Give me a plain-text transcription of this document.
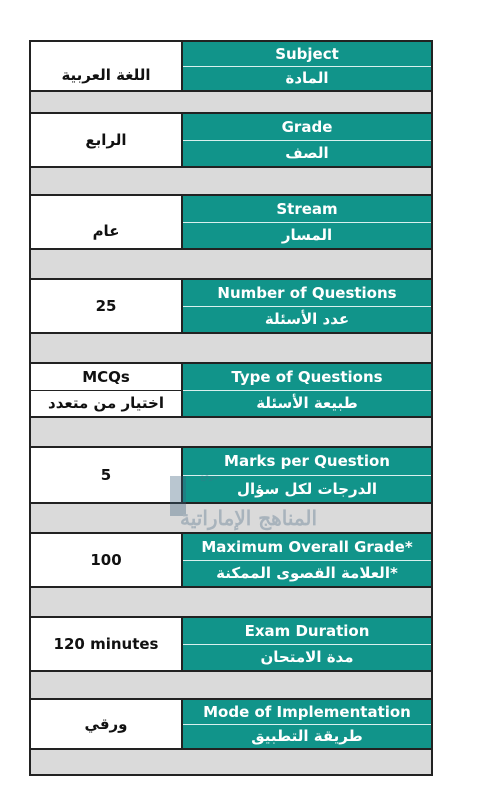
اللغة العربية
Subject
المادة
الرابع
Grade
الصف
عام
Stream
المسار
25
Number of Questions
عدد الأسئلة
MCQs
اختيار من متعدد
Type of Questions
طبيعة الأسئلة
5
Marks per Question
الدرجات لكل سؤال
100
Maximum Overall Grade*
العلامة القصوى الممكنة*
120 minutes
Exam Duration
مدة الامتحان
ورقي
Mode of Implementation
طريقة التطبيق
موقع
المناهج الإماراتية
